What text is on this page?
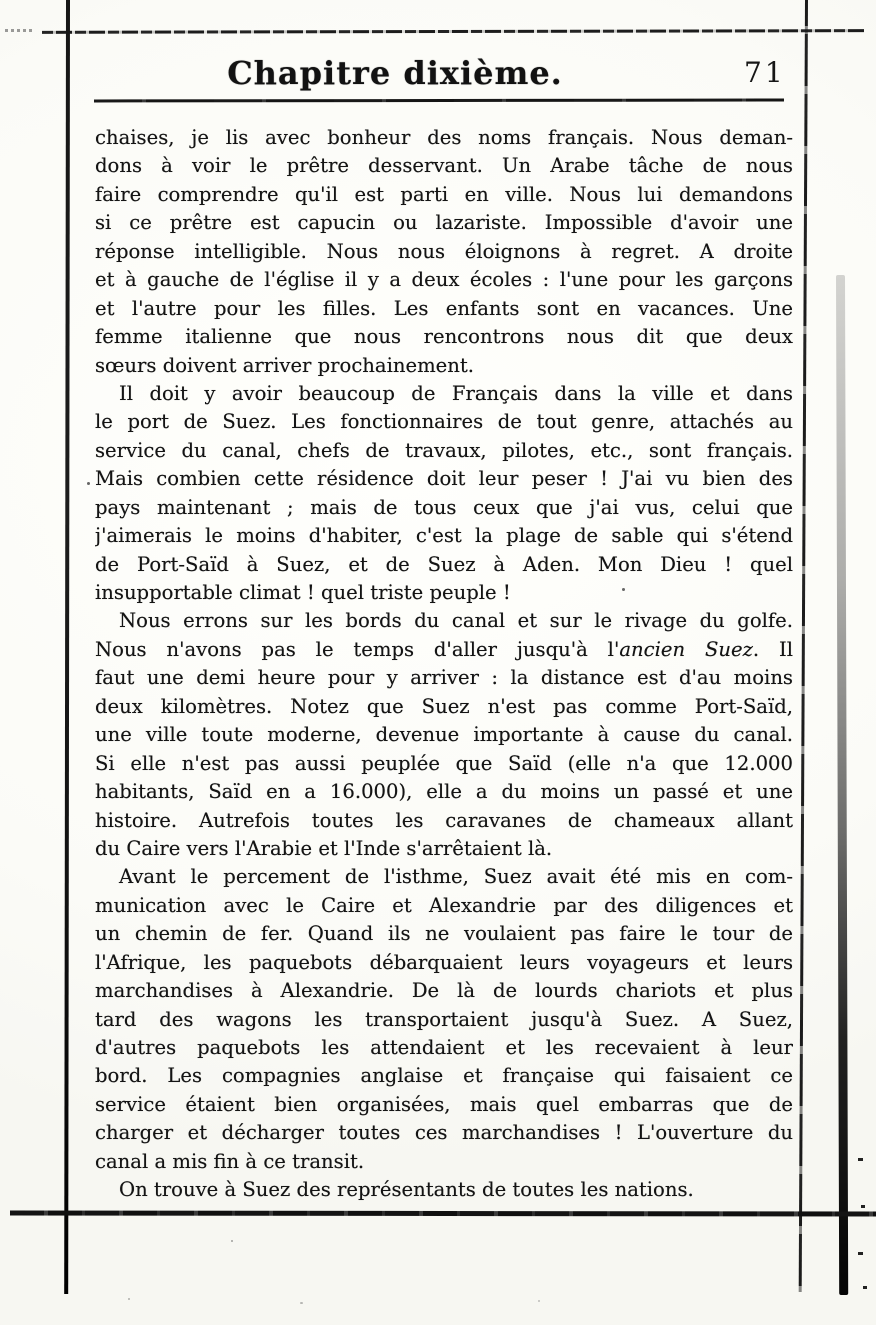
Chapitre dixième.	71
chaises, je lis avec bonheur des noms français. Nous deman-
dons à voir le prêtre desservant. Un Arabe tâche de nous
faire comprendre qu'il est parti en ville. Nous lui demandons
si ce prêtre est capucin ou lazariste. Impossible d'avoir une
réponse intelligible. Nous nous éloignons à regret. A droite
et à gauche de l'église il y a deux écoles : l'une pour les garçons
et l'autre pour les filles. Les enfants sont en vacances. Une
femme italienne que nous rencontrons nous dit que deux
sœurs doivent arriver prochainement.
Il doit y avoir beaucoup de Français dans la ville et dans
le port de Suez. Les fonctionnaires de tout genre, attachés au
service du canal, chefs de travaux, pilotes, etc., sont français.
Mais combien cette résidence doit leur peser ! J'ai vu bien des
pays maintenant ; mais de tous ceux que j'ai vus, celui que
j'aimerais le moins d'habiter, c'est la plage de sable qui s'étend
de Port-Saïd à Suez, et de Suez à Aden. Mon Dieu ! quel
insupportable climat ! quel triste peuple !
Nous errons sur les bords du canal et sur le rivage du golfe.
Nous n'avons pas le temps d'aller jusqu'à l'ancien Suez. Il
faut une demi heure pour y arriver : la distance est d'au moins
deux kilomètres. Notez que Suez n'est pas comme Port-Saïd,
une ville toute moderne, devenue importante à cause du canal.
Si elle n'est pas aussi peuplée que Saïd (elle n'a que 12.000
habitants, Saïd en a 16.000), elle a du moins un passé et une
histoire. Autrefois toutes les caravanes de chameaux allant
du Caire vers l'Arabie et l'Inde s'arrêtaient là.
Avant le percement de l'isthme, Suez avait été mis en com-
munication avec le Caire et Alexandrie par des diligences et
un chemin de fer. Quand ils ne voulaient pas faire le tour de
l'Afrique, les paquebots débarquaient leurs voyageurs et leurs
marchandises à Alexandrie. De là de lourds chariots et plus
tard des wagons les transportaient jusqu'à Suez. A Suez,
d'autres paquebots les attendaient et les recevaient à leur
bord. Les compagnies anglaise et française qui faisaient ce
service étaient bien organisées, mais quel embarras que de
charger et décharger toutes ces marchandises ! L'ouverture du
canal a mis fin à ce transit.
On trouve à Suez des représentants de toutes les nations.
